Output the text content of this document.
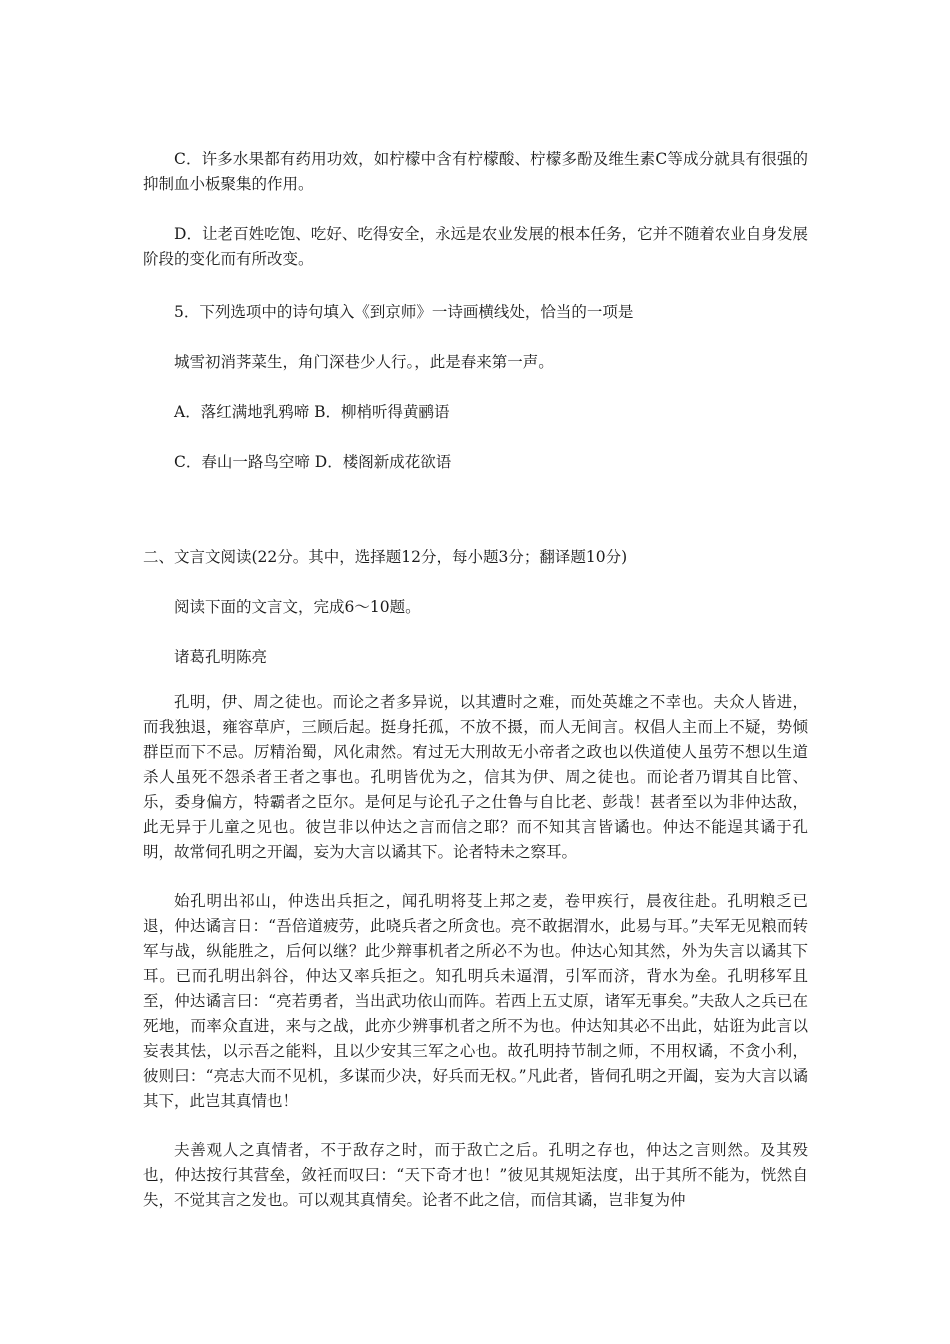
C．许多水果都有药用功效，如柠檬中含有柠檬酸、柠檬多酚及维生素C等成分就具有很强的抑制血小板聚集的作用。

D．让老百姓吃饱、吃好、吃得安全，永远是农业发展的根本任务，它并不随着农业自身发展阶段的变化而有所改变。

5．下列选项中的诗句填入《到京师》一诗画横线处，恰当的一项是

城雪初消荠菜生，角门深巷少人行。，此是春来第一声。

A．落红满地乳鸦啼 B．柳梢听得黄鹂语

C．春山一路鸟空啼 D．楼阁新成花欲语

二、文言文阅读(22分。其中，选择题12分，每小题3分；翻译题10分)

阅读下面的文言文，完成6～10题。

诸葛孔明陈亮

孔明，伊、周之徒也。而论之者多异说，以其遭时之难，而处英雄之不幸也。夫众人皆进，而我独退，雍容草庐，三顾后起。挺身托孤，不放不摄，而人无间言。权倡人主而上不疑，势倾群臣而下不忌。厉精治蜀，风化肃然。宥过无大刑故无小帝者之政也以佚道使人虽劳不想以生道杀人虽死不怨杀者王者之事也。孔明皆优为之，信其为伊、周之徒也。而论者乃谓其自比管、乐，委身偏方，特霸者之臣尔。是何足与论孔子之仕鲁与自比老、彭哉！甚者至以为非仲达敌，此无异于儿童之见也。彼岂非以仲达之言而信之耶？而不知其言皆谲也。仲达不能逞其谲于孔明，故常伺孔明之开阖，妄为大言以谲其下。论者特未之察耳。

始孔明出祁山，仲迭出兵拒之，闻孔明将芟上邦之麦，卷甲疾行，晨夜往赴。孔明粮乏已退，仲达谲言日：“吾倍道疲劳，此哓兵者之所贪也。亮不敢据渭水，此易与耳。”夫军无见粮而转军与战，纵能胜之，后何以继？此少辩事机者之所必不为也。仲达心知其然，外为失言以谲其下耳。已而孔明出斜谷，仲达又率兵拒之。知孔明兵未逼渭，引军而济，背水为垒。孔明移军且至，仲达谲言曰：“亮若勇者，当出武功依山而阵。若西上五丈原，诸军无事矣。”夫敌人之兵已在死地，而率众直进，来与之战，此亦少辨事机者之所不为也。仲达知其必不出此，姑诳为此言以妄表其怯，以示吾之能料，且以少安其三军之心也。故孔明持节制之师，不用权谲，不贪小利，彼则曰：“亮志大而不见机，多谋而少决，好兵而无权。”凡此者，皆伺孔明之开阖，妄为大言以谲其下，此岂其真情也！

夫善观人之真情者，不于敌存之时，而于敌亡之后。孔明之存也，仲达之言则然。及其殁也，仲达按行其营垒，敛衽而叹曰：“天下奇才也！”彼见其规矩法度，出于其所不能为，恍然自失，不觉其言之发也。可以观其真情矣。论者不此之信，而信其谲，岂非复为仲
